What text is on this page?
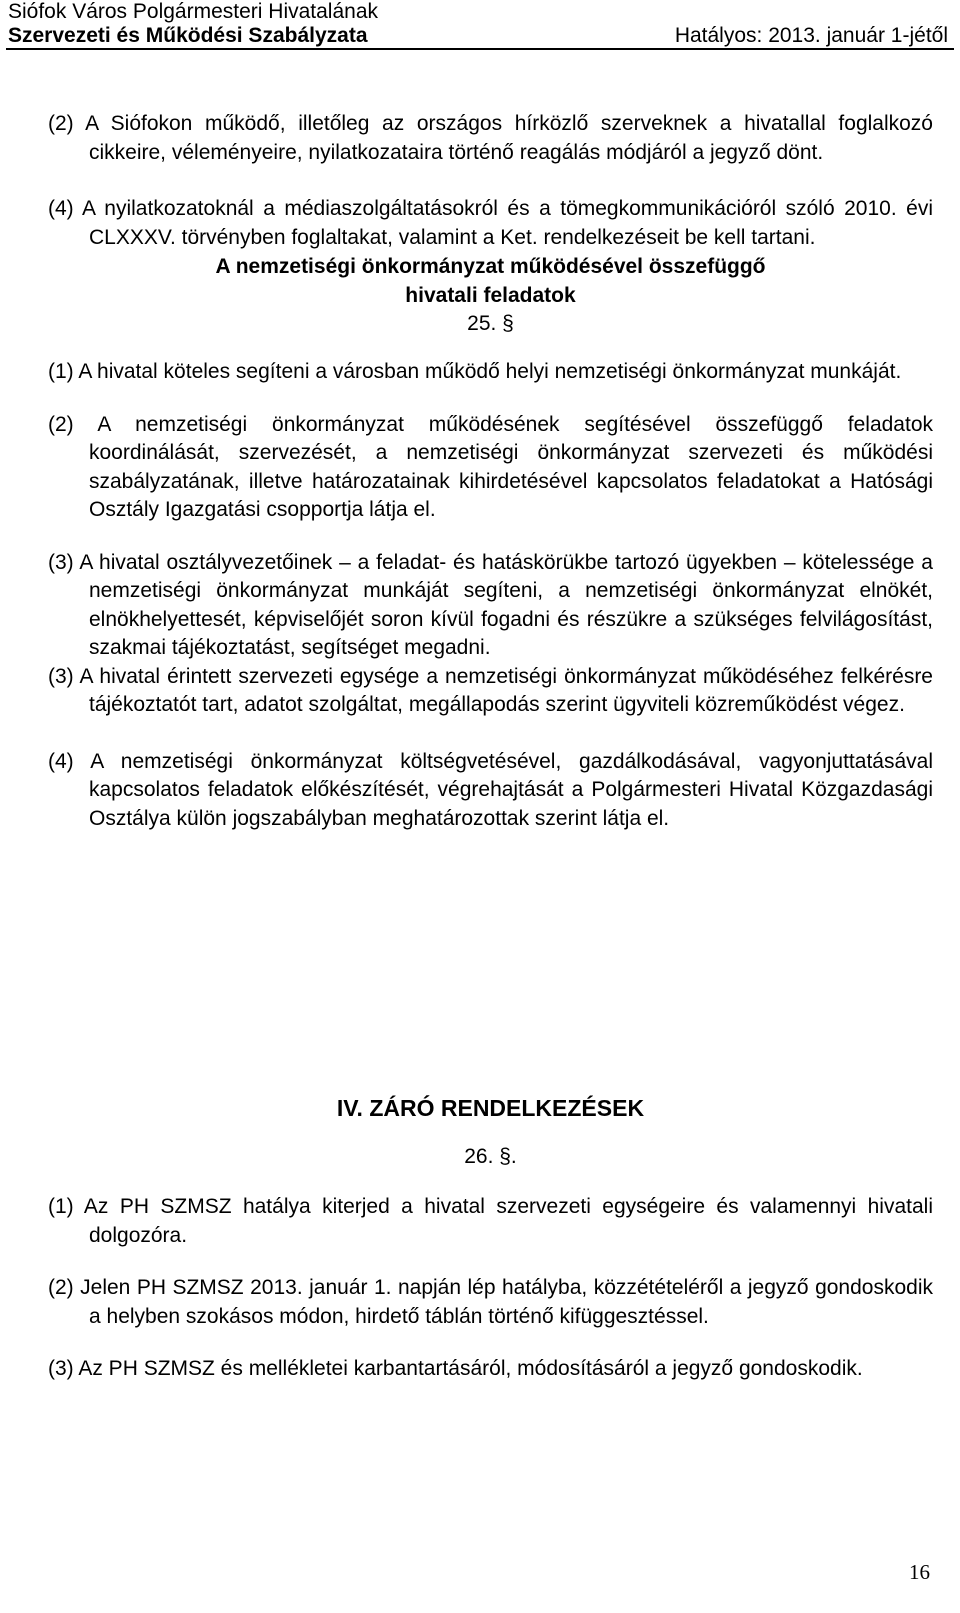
Siófok Város Polgármesteri Hivatalának
Szervezeti és Működési Szabályzata	Hatályos: 2013. január 1-jétől

(2) A Siófokon működő, illetőleg az országos hírközlő szerveknek a hivatallal foglalkozó cikkeire, véleményeire, nyilatkozataira történő reagálás módjáról a jegyző dönt.

(4) A nyilatkozatoknál a médiaszolgáltatásokról és a tömegkommunikációról szóló 2010. évi CLXXXV. törvényben foglaltakat, valamint a Ket. rendelkezéseit be kell tartani.

A nemzetiségi önkormányzat működésével összefüggő

hivatali feladatok

25. §

(1) A hivatal köteles segíteni a városban működő helyi nemzetiségi önkormányzat munkáját.

(2) A nemzetiségi önkormányzat működésének segítésével összefüggő feladatok koordinálását, szervezését, a nemzetiségi önkormányzat szervezeti és működési szabályzatának, illetve határozatainak kihirdetésével kapcsolatos feladatokat a Hatósági Osztály Igazgatási csopportja látja el.

(3) A hivatal osztályvezetőinek – a feladat- és hatáskörükbe tartozó ügyekben – kötelessége a nemzetiségi önkormányzat munkáját segíteni, a nemzetiségi önkormányzat elnökét, elnökhelyettesét, képviselőjét soron kívül fogadni és részükre a szükséges felvilágosítást, szakmai tájékoztatást, segítséget megadni.

(3) A hivatal érintett szervezeti egysége a nemzetiségi önkormányzat működéséhez felkérésre tájékoztatót tart, adatot szolgáltat, megállapodás szerint ügyviteli közreműködést végez.

(4) A nemzetiségi önkormányzat költségvetésével, gazdálkodásával, vagyonjuttatásával kapcsolatos feladatok előkészítését, végrehajtását a Polgármesteri Hivatal Közgazdasági Osztálya külön jogszabályban meghatározottak szerint látja el.

IV. ZÁRÓ RENDELKEZÉSEK

26. §.

(1) Az PH SZMSZ hatálya kiterjed a hivatal szervezeti egységeire és valamennyi hivatali dolgozóra.

(2) Jelen PH SZMSZ 2013. január 1. napján lép hatályba, közzétételéről a jegyző gondoskodik a helyben szokásos módon, hirdető táblán történő kifüggesztéssel.

(3) Az PH SZMSZ és mellékletei karbantartásáról, módosításáról a jegyző gondoskodik.

16
